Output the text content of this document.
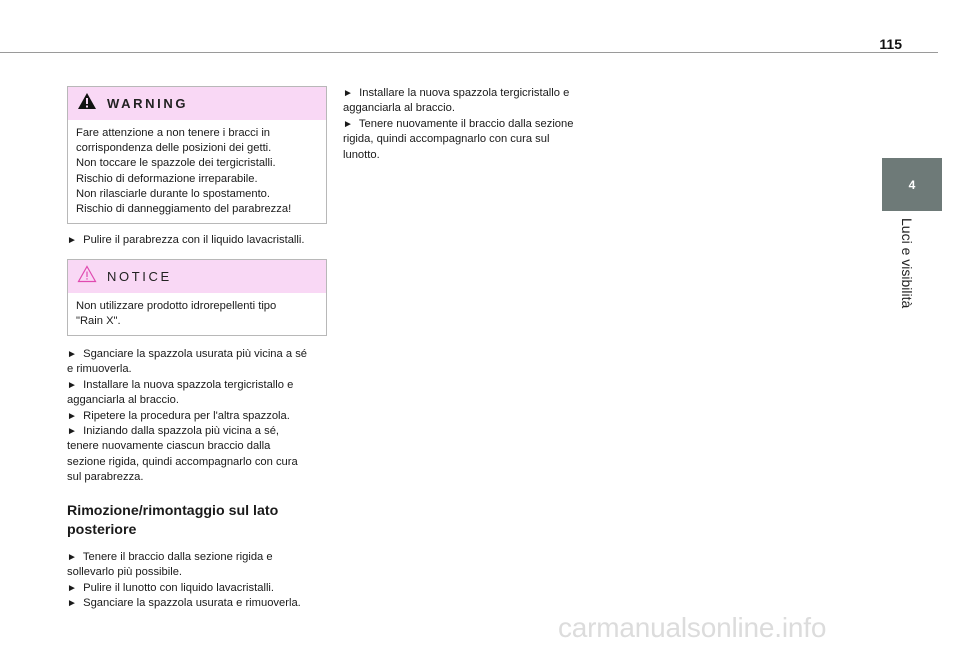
115
4
Luci e visibilità
WARNING

Fare attenzione a non tenere i bracci in

corrispondenza delle posizioni dei getti.

Non toccare le spazzole dei tergicristalli.

Rischio di deformazione irreparabile.

Non rilasciarle durante lo spostamento.

Rischio di danneggiamento del parabrezza!

► Pulire il parabrezza con il liquido lavacristalli.

NOTICE

Non utilizzare prodotto idrorepellenti tipo

"Rain X".

► Sganciare la spazzola usurata più vicina a sé

e rimuoverla.

► Installare la nuova spazzola tergicristallo e

agganciarla al braccio.

► Ripetere la procedura per l'altra spazzola.

► Iniziando dalla spazzola più vicina a sé,

tenere nuovamente ciascun braccio dalla

sezione rigida, quindi accompagnarlo con cura

sul parabrezza.

Rimozione/rimontaggio sul lato
posteriore

► Tenere il braccio dalla sezione rigida e

sollevarlo più possibile.

► Pulire il lunotto con liquido lavacristalli.

► Sganciare la spazzola usurata e rimuoverla.

► Installare la nuova spazzola tergicristallo e

agganciarla al braccio.

► Tenere nuovamente il braccio dalla sezione

rigida, quindi accompagnarlo con cura sul

lunotto.

carmanualsonline.info
